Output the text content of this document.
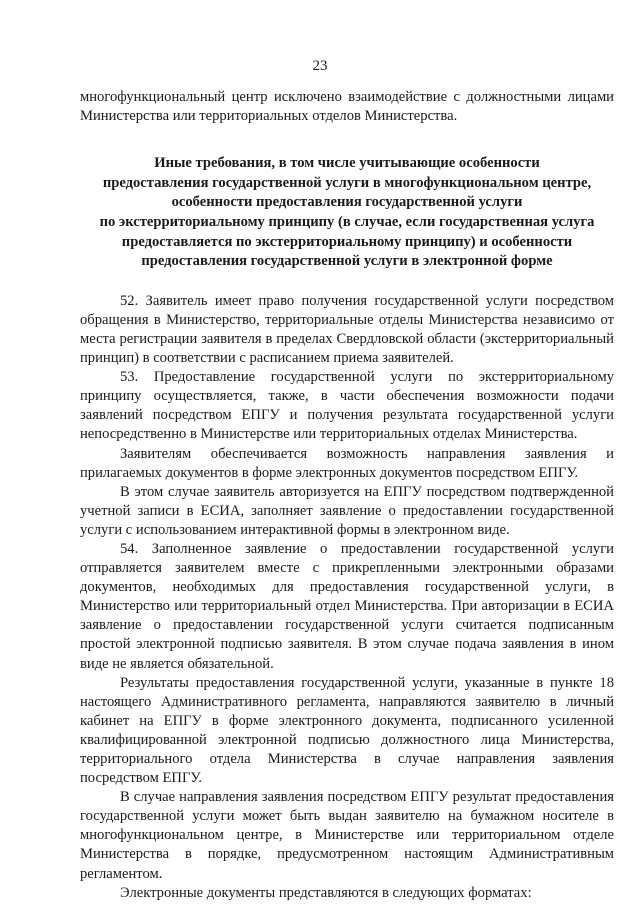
23

многофункциональный центр исключено взаимодействие с должностными лицами Министерства или территориальных отделов Министерства.

Иные требования, в том числе учитывающие особенности
предоставления государственной услуги в многофункциональном центре,
особенности предоставления государственной услуги
по экстерриториальному принципу (в случае, если государственная услуга
предоставляется по экстерриториальному принципу) и особенности
предоставления государственной услуги в электронной форме

52. Заявитель имеет право получения государственной услуги посредством обращения в Министерство, территориальные отделы Министерства независимо от места регистрации заявителя в пределах Свердловской области (экстерриториальный принцип) в соответствии с расписанием приема заявителей.

53. Предоставление государственной услуги по экстерриториальному принципу осуществляется, также, в части обеспечения возможности подачи заявлений посредством ЕПГУ и получения результата государственной услуги непосредственно в Министерстве или территориальных отделах Министерства.

Заявителям обеспечивается возможность направления заявления и прилагаемых документов в форме электронных документов посредством ЕПГУ.

В этом случае заявитель авторизуется на ЕПГУ посредством подтвержденной учетной записи в ЕСИА, заполняет заявление о предоставлении государственной услуги с использованием интерактивной формы в электронном виде.

54. Заполненное заявление о предоставлении государственной услуги отправляется заявителем вместе с прикрепленными электронными образами документов, необходимых для предоставления государственной услуги, в Министерство или территориальный отдел Министерства. При авторизации в ЕСИА заявление о предоставлении государственной услуги считается подписанным простой электронной подписью заявителя. В этом случае подача заявления в ином виде не является обязательной.

Результаты предоставления государственной услуги, указанные в пункте 18 настоящего Административного регламента, направляются заявителю в личный кабинет на ЕПГУ в форме электронного документа, подписанного усиленной квалифицированной электронной подписью должностного лица Министерства, территориального отдела Министерства в случае направления заявления посредством ЕПГУ.

В случае направления заявления посредством ЕПГУ результат предоставления государственной услуги может быть выдан заявителю на бумажном носителе в многофункциональном центре, в Министерстве или территориальном отделе Министерства в порядке, предусмотренном настоящим Административным регламентом.

Электронные документы представляются в следующих форматах:
